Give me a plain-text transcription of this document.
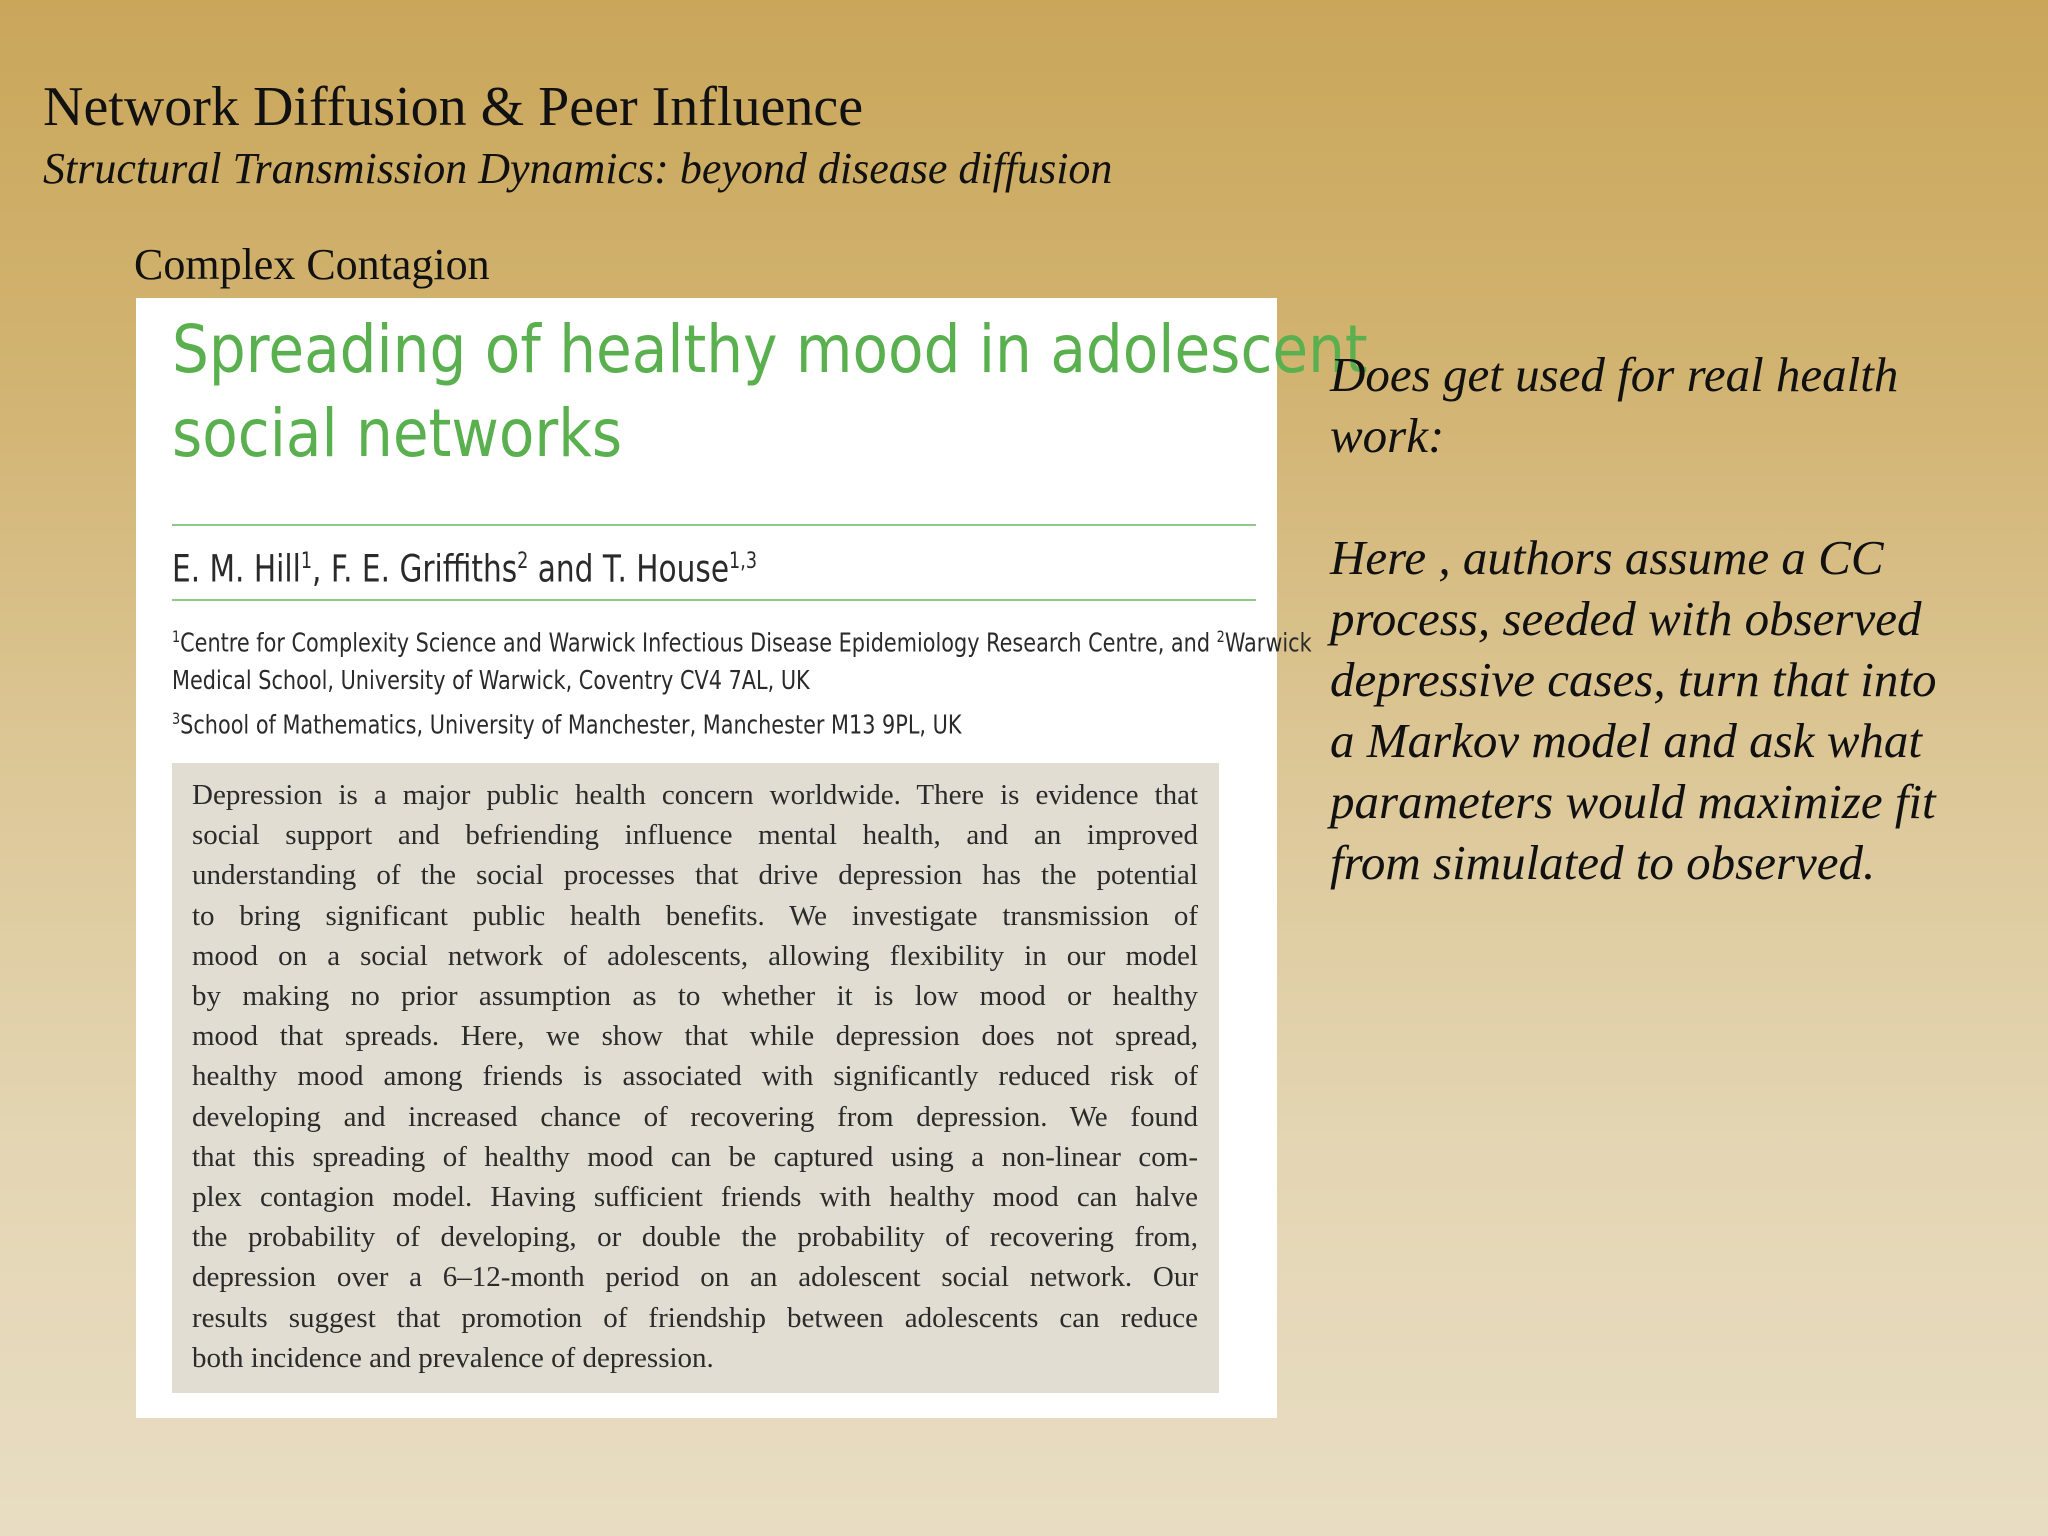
Network Diffusion & Peer Influence
Structural Transmission Dynamics: beyond disease diffusion
Complex Contagion
Spreading of healthy mood in adolescent
social networks
E. M. Hill$^1$, F. E. Griffiths$^2$ and T. House$^{1,3}$
$^1$Centre for Complexity Science and Warwick Infectious Disease Epidemiology Research Centre, and $^2$Warwick
Medical School, University of Warwick, Coventry CV4 7AL, UK
$^3$School of Mathematics, University of Manchester, Manchester M13 9PL, UK
Depression is a major public health concern worldwide. There is evidence that
social support and befriending influence mental health, and an improved
understanding of the social processes that drive depression has the potential
to bring significant public health benefits. We investigate transmission of
mood on a social network of adolescents, allowing flexibility in our model
by making no prior assumption as to whether it is low mood or healthy
mood that spreads. Here, we show that while depression does not spread,
healthy mood among friends is associated with significantly reduced risk of
developing and increased chance of recovering from depression. We found
that this spreading of healthy mood can be captured using a non-linear com-
plex contagion model. Having sufficient friends with healthy mood can halve
the probability of developing, or double the probability of recovering from,
depression over a 6–12-month period on an adolescent social network. Our
results suggest that promotion of friendship between adolescents can reduce
both incidence and prevalence of depression.
Does get used for real health
work:
Here , authors assume a CC
process, seeded with observed
depressive cases, turn that into
a Markov model and ask what
parameters would maximize fit
from simulated to observed.
